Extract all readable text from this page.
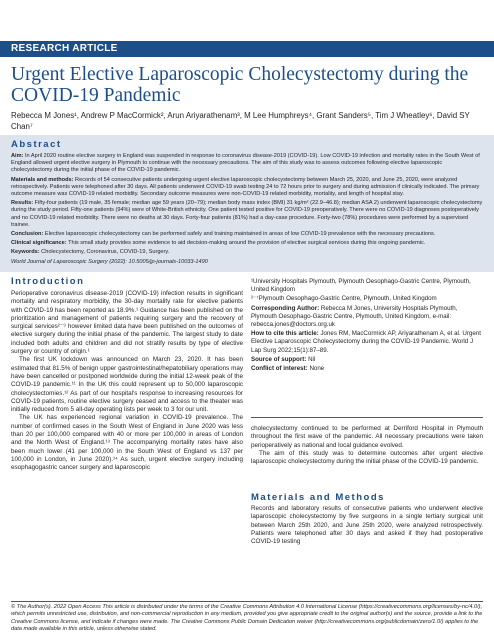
RESEARCH ARTICLE
Urgent Elective Laparoscopic Cholecystectomy during the COVID-19 Pandemic

Rebecca M Jones¹, Andrew P MacCormick², Arun Ariyarathenam³, M Lee Humphreys⁴, Grant Sanders⁵, Tim J Wheatley⁶, David SY Chan⁷

Abstract

Aim: In April 2020 routine elective surgery in England was suspended in response to coronavirus disease-2019 (COVID-19). Low COVID-19 infection and mortality rates in the South West of England allowed urgent elective surgery in Plymouth to continue with the necessary precautions. The aim of this study was to assess outcomes following elective laparoscopic cholecystectomy during the initial phase of the COVID-19 pandemic.

Materials and methods: Records of 54 consecutive patients undergoing urgent elective laparoscopic cholecystectomy between March 25, 2020, and June 25, 2020, were analyzed retrospectively. Patients were telephoned after 30 days. All patients underwent COVID-19 swab testing 24 to 72 hours prior to surgery and during admission if clinically indicated. The primary outcome measure was COVID-19 related morbidity. Secondary outcome measures were non-COVID-19 related morbidity, mortality, and length of hospital stay.

Results: Fifty-four patients (19 male, 35 female; median age 59 years (20–79); median body mass index (BMI) 31 kg/m² (22.9–46.8); median ASA 2) underwent laparoscopic cholecystectomy during the study period. Fifty-one patients (94%) were of White-British ethnicity. One patient tested positive for COVID-19 preoperatively. There were no COVID-19 diagnoses postoperatively and no COVID-19 related morbidity. There were no deaths at 30 days. Forty-four patients (81%) had a day-case procedure. Forty-two (78%) procedures were performed by a supervised trainee.

Conclusion: Elective laparoscopic cholecystectomy can be performed safely and training maintained in areas of low COVID-19 prevalence with the necessary precautions.

Clinical significance: This small study provides some evidence to aid decision-making around the provision of elective surgical services during this ongoing pandemic.

Keywords: Cholecystectomy, Coronavirus, COVID-19, Surgery.

World Journal of Laparoscopic Surgery (2022): 10.5005/jp-journals-10033-1490

Introduction

Perioperative coronavirus disease-2019 (COVID-19) infection results in significant mortality and respiratory morbidity, the 30-day mortality rate for elective patients with COVID-19 has been reported as 18.9%.¹ Guidance has been published on the prioritization and management of patients requiring surgery and the recovery of surgical services²⁻⁹ however limited data have been published on the outcomes of elective surgery during the initial phase of the pandemic. The largest study to date included both adults and children and did not stratify results by type of elective surgery or country of origin.¹

The first UK lockdown was announced on March 23, 2020. It has been estimated that 81.5% of benign upper gastrointestinal/hepatobiliary operations may have been cancelled or postponed worldwide during the initial 12-week peak of the COVID-19 pandemic.¹¹ In the UK this could represent up to 50,000 laparoscopic cholecystectomies.¹² As part of our hospital's response to increasing resources for COVID-19 patients, routine elective surgery ceased and access to the theater was initially reduced from 5 all-day operating lists per week to 3 for our unit.

The UK has experienced regional variation in COVID-19 prevalence. The number of confirmed cases in the South West of England in June 2020 was less than 20 per 100,000 compared with 40 or more per 100,000 in areas of London and the North West of England.¹³ The accompanying mortality rates have also been much lower (41 per 100,000 in the South West of England vs 137 per 100,000 in London, in June 2020).¹⁴ As such, urgent elective surgery including esophagogastric cancer surgery and laparoscopic

¹University Hospitals Plymouth, Plymouth Oesophago-Gastric Centre, Plymouth, United Kingdom

²⁻⁷Plymouth Oesophago-Gastric Centre, Plymouth, United Kingdom

Corresponding Author: Rebecca M Jones, University Hospitals Plymouth, Plymouth Oesophago-Gastric Centre, Plymouth, United Kingdom, e-mail: rebecca.jones@doctors.org.uk

How to cite this article: Jones RM, MacCormick AP, Ariyarathenam A, et al. Urgent Elective Laparoscopic Cholecystectomy during the COVID-19 Pandemic. World J Lap Surg 2022;15(1):87–89.

Source of support: Nil

Conflict of interest: None

cholecystectomy continued to be performed at Derriford Hospital in Plymouth throughout the first wave of the pandemic. All necessary precautions were taken perioperatively as national and local guidance evolved.

The aim of this study was to determine outcomes after urgent elective laparoscopic cholecystectomy during the initial phase of the COVID-19 pandemic.

Materials and Methods

Records and laboratory results of consecutive patients who underwent elective laparoscopic cholecystectomy by five surgeons in a single tertiary surgical unit between March 25th 2020, and June 25th 2020, were analyzed retrospectively. Patients were telephoned after 30 days and asked if they had postoperative COVID-19 testing

© The Author(s). 2022 Open Access This article is distributed under the terms of the Creative Commons Attribution 4.0 International License (https://creativecommons.org/licenses/by-nc/4.0/), which permits unrestricted use, distribution, and non-commercial reproduction in any medium, provided you give appropriate credit to the original author(s) and the source, provide a link to the Creative Commons license, and indicate if changes were made. The Creative Commons Public Domain Dedication waiver (http://creativecommons.org/publicdomain/zero/1.0/) applies to the data made available in this article, unless otherwise stated.
